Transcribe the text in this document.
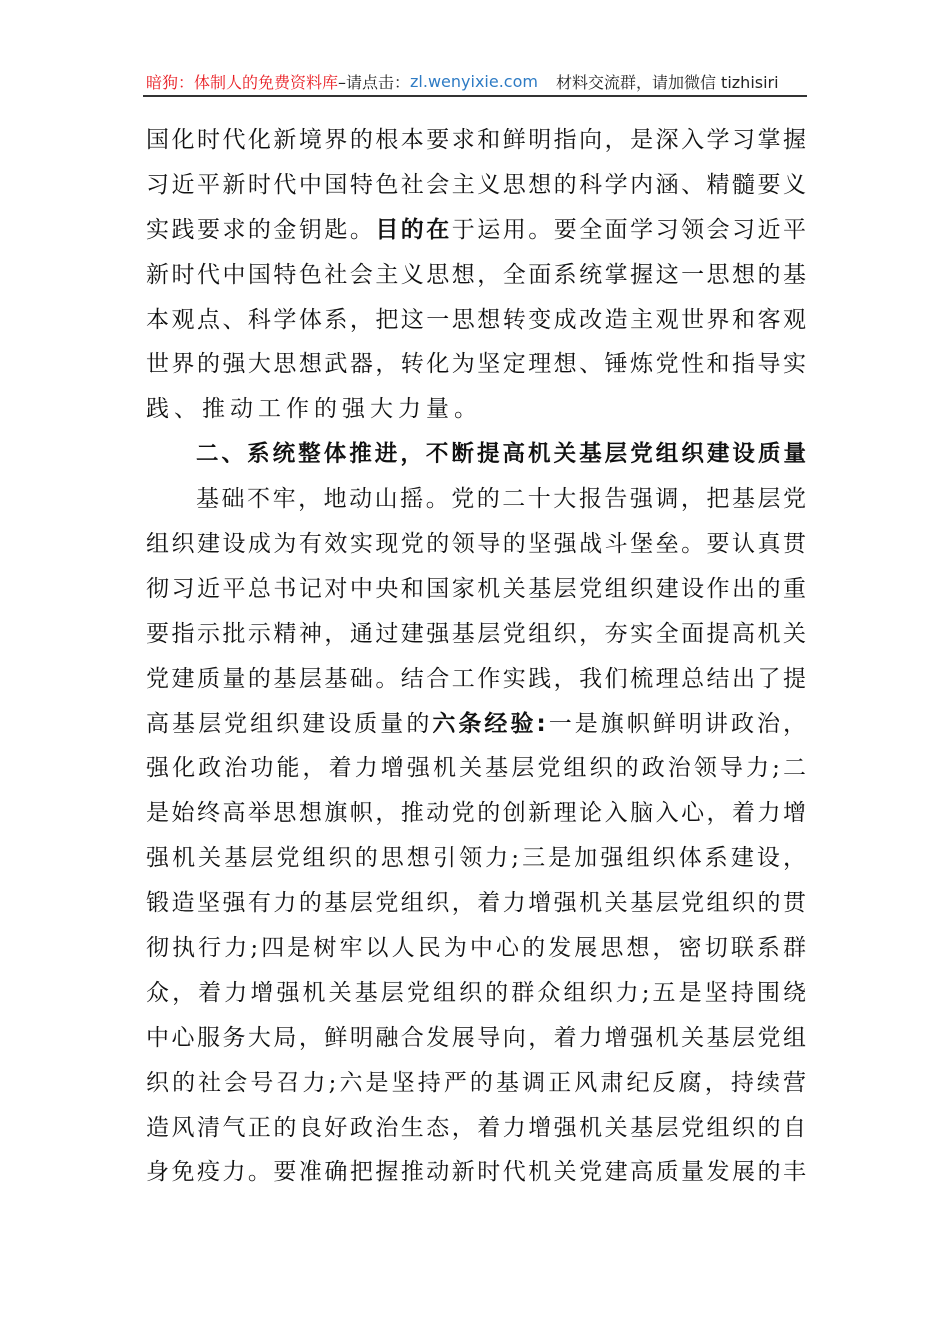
暗狗：体制人的免费资料库 –请点击： zl.wenyixie.com 材料交流群，请加微信 tizhisiri
国化时代化新境界的根本要求和鲜明指向，是深入学习掌握
习近平新时代中国特色社会主义思想的科学内涵、精髓要义
实践要求的金钥匙。目的在于运用。要全面学习领会习近平
新时代中国特色社会主义思想，全面系统掌握这一思想的基
本观点、科学体系，把这一思想转变成改造主观世界和客观
世界的强大思想武器，转化为坚定理想、锤炼党性和指导实
践、推动工作的强大力量。
二、系统整体推进，不断提高机关基层党组织建设质量
基础不牢，地动山摇。党的二十大报告强调，把基层党
组织建设成为有效实现党的领导的坚强战斗堡垒。要认真贯
彻习近平总书记对中央和国家机关基层党组织建设作出的重
要指示批示精神，通过建强基层党组织，夯实全面提高机关
党建质量的基层基础。结合工作实践，我们梳理总结出了提
高基层党组织建设质量的六条经验:一是旗帜鲜明讲政治，
强化政治功能，着力增强机关基层党组织的政治领导力;二
是始终高举思想旗帜，推动党的创新理论入脑入心，着力增
强机关基层党组织的思想引领力;三是加强组织体系建设，
锻造坚强有力的基层党组织，着力增强机关基层党组织的贯
彻执行力;四是树牢以人民为中心的发展思想，密切联系群
众，着力增强机关基层党组织的群众组织力;五是坚持围绕
中心服务大局，鲜明融合发展导向，着力增强机关基层党组
织的社会号召力;六是坚持严的基调正风肃纪反腐，持续营
造风清气正的良好政治生态，着力增强机关基层党组织的自
身免疫力。要准确把握推动新时代机关党建高质量发展的丰
